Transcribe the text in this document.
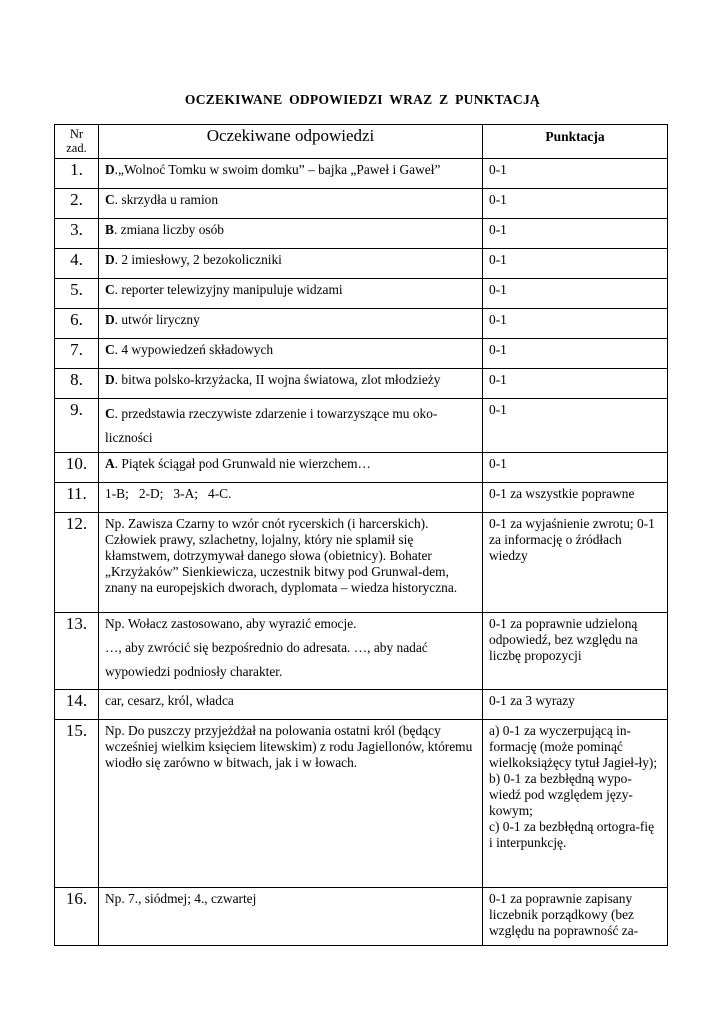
OCZEKIWANE ODPOWIEDZI WRAZ Z PUNKTACJĄ
Nr
zad.	Oczekiwane odpowiedzi	Punktacja
1.	D.„Wolnoć Tomku w swoim domku” – bajka „Paweł i Gaweł”	0-1
2.	C. skrzydła u ramion	0-1
3.	B. zmiana liczby osób	0-1
4.	D. 2 imiesłowy, 2 bezokoliczniki	0-1
5.	C. reporter telewizyjny manipuluje widzami	0-1
6.	D. utwór liryczny	0-1
7.	C. 4 wypowiedzeń składowych	0-1
8.	D. bitwa polsko-krzyżacka, II wojna światowa, zlot młodzieży	0-1
9.	C. przedstawia rzeczywiste zdarzenie i towarzyszące mu oko-liczności	0-1
10.	A. Piątek ściągał pod Grunwald nie wierzchem…	0-1
11.	1-B;   2-D;   3-A;   4-C.	0-1 za wszystkie poprawne
12.	Np. Zawisza Czarny to wzór cnót rycerskich (i harcerskich). Człowiek prawy, szlachetny, lojalny, który nie splamił się kłamstwem, dotrzymywał danego słowa (obietnicy). Bohater „Krzyżaków” Sienkiewicza, uczestnik bitwy pod Grunwal-dem, znany na europejskich dworach, dyplomata – wiedza historyczna.	0-1 za wyjaśnienie zwrotu; 0-1 za informację o źródłach wiedzy
13.	Np. Wołacz zastosowano, aby wyrazić emocje.
…, aby zwrócić się bezpośrednio do adresata. …, aby nadać
wypowiedzi podniosły charakter.	0-1 za poprawnie udzieloną odpowiedź, bez względu na liczbę propozycji
14.	car, cesarz, król, władca	0-1 za 3 wyrazy
15.	Np. Do puszczy przyjeżdżał na polowania ostatni król (będący wcześniej wielkim księciem litewskim) z rodu Jagiellonów, któremu wiodło się zarówno w bitwach, jak i w łowach.	a) 0-1 za wyczerpującą in-formację (może pominąć wielkoksiążęcy tytuł Jagieł-ły);
b) 0-1 za bezbłędną wypo-wiedź pod względem języ-kowym;
c) 0-1 za bezbłędną ortogra-fię i interpunkcję.

16.	Np. 7., siódmej; 4., czwartej	0-1 za poprawnie zapisany liczebnik porządkowy (bez względu na poprawność za-
